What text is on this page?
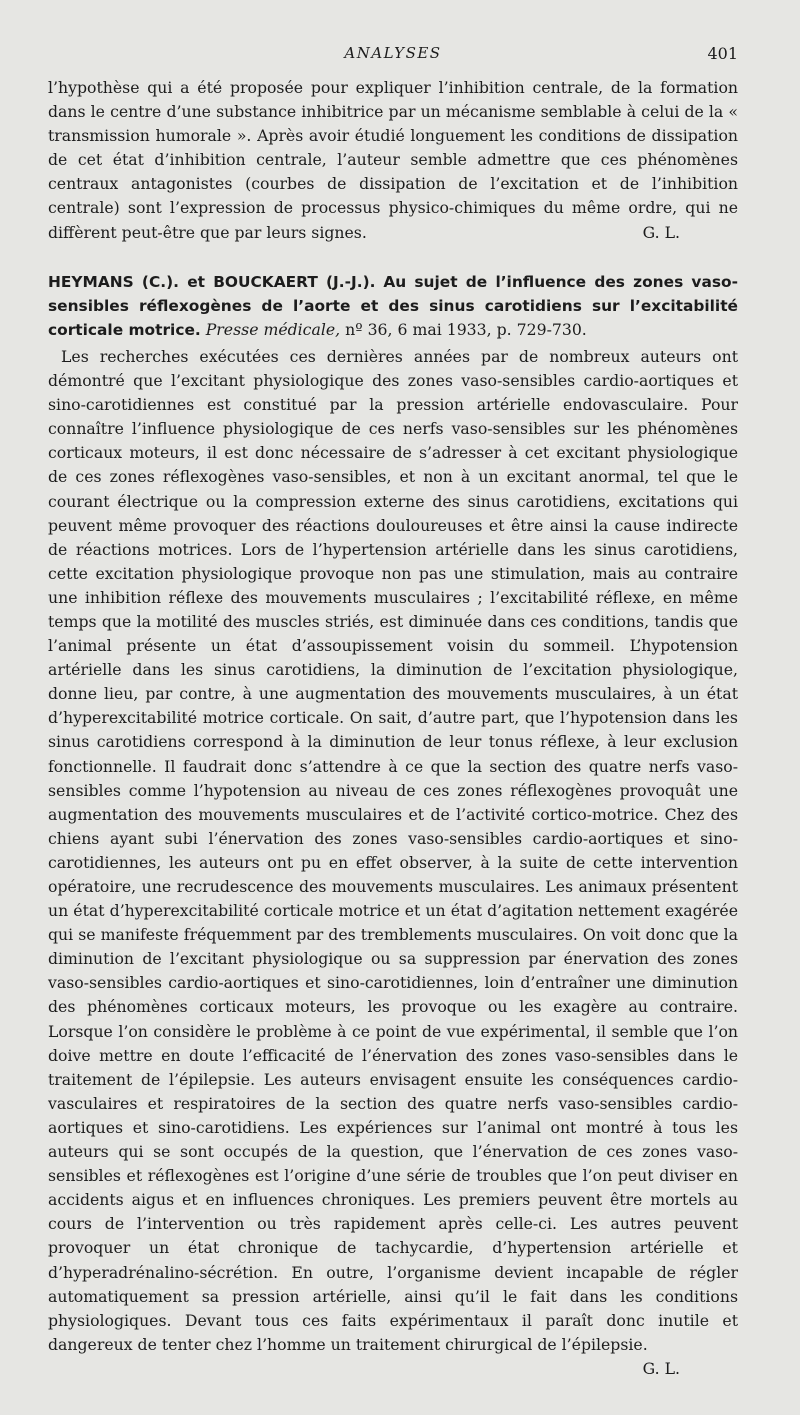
ANALYSES	401

l’hypothèse qui a été proposée pour expliquer l’inhibition centrale, de la formation dans le centre d’une substance inhibitrice par un mécanisme semblable à celui de la « transmission humorale ». Après avoir étudié longuement les conditions de dissipation de cet état d’inhibition centrale, l’auteur semble admettre que ces phénomènes centraux antagonistes (courbes de dissipation de l’excitation et de l’inhibition centrale) sont l’expression de processus physico-chimiques du même ordre, qui ne diffèrent peut-être que par leurs signes.	G. L.

HEYMANS (C.). et BOUCKAERT (J.-J.). Au sujet de l’influence des zones vaso-sensibles réflexogènes de l’aorte et des sinus carotidiens sur l’excitabilité corticale motrice. Presse médicale, nº 36, 6 mai 1933, p. 729-730.

Les recherches exécutées ces dernières années par de nombreux auteurs ont démontré que l’excitant physiologique des zones vaso-sensibles cardio-aortiques et sino-carotidiennes est constitué par la pression artérielle endovasculaire. Pour connaître l’influence physiologique de ces nerfs vaso-sensibles sur les phénomènes corticaux moteurs, il est donc nécessaire de s’adresser à cet excitant physiologique de ces zones réflexogènes vaso-sensibles, et non à un excitant anormal, tel que le courant électrique ou la compression externe des sinus carotidiens, excitations qui peuvent même provoquer des réactions douloureuses et être ainsi la cause indirecte de réactions motrices. Lors de l’hypertension artérielle dans les sinus carotidiens, cette excitation physiologique provoque non pas une stimulation, mais au contraire une inhibition réflexe des mouvements musculaires ; l’excitabilité réflexe, en même temps que la motilité des muscles striés, est diminuée dans ces conditions, tandis que l’animal présente un état d’assoupissement voisin du sommeil. L’hypotension artérielle dans les sinus carotidiens, la diminution de l’excitation physiologique, donne lieu, par contre, à une augmentation des mouvements musculaires, à un état d’hyperexcitabilité motrice corticale. On sait, d’autre part, que l’hypotension dans les sinus carotidiens correspond à la diminution de leur tonus réflexe, à leur exclusion fonctionnelle. Il faudrait donc s’attendre à ce que la section des quatre nerfs vaso-sensibles comme l’hypotension au niveau de ces zones réflexogènes provoquât une augmentation des mouvements musculaires et de l’activité cortico-motrice. Chez des chiens ayant subi l’énervation des zones vaso-sensibles cardio-aortiques et sino-carotidiennes, les auteurs ont pu en effet observer, à la suite de cette intervention opératoire, une recrudescence des mouvements musculaires. Les animaux présentent un état d’hyperexcitabilité corticale motrice et un état d’agitation nettement exagérée qui se manifeste fréquemment par des tremblements musculaires. On voit donc que la diminution de l’excitant physiologique ou sa suppression par énervation des zones vaso-sensibles cardio-aortiques et sino-carotidiennes, loin d’entraîner une diminution des phénomènes corticaux moteurs, les provoque ou les exagère au contraire. Lorsque l’on considère le problème à ce point de vue expérimental, il semble que l’on doive mettre en doute l’efficacité de l’énervation des zones vaso-sensibles dans le traitement de l’épilepsie. Les auteurs envisagent ensuite les conséquences cardio-vasculaires et respiratoires de la section des quatre nerfs vaso-sensibles cardio-aortiques et sino-carotidiens. Les expériences sur l’animal ont montré à tous les auteurs qui se sont occupés de la question, que l’énervation de ces zones vaso-sensibles et réflexogènes est l’origine d’une série de troubles que l’on peut diviser en accidents aigus et en influences chroniques. Les premiers peuvent être mortels au cours de l’intervention ou très rapidement après celle-ci. Les autres peuvent provoquer un état chronique de tachycardie, d’hypertension artérielle et d’hyperadrénalino-sécrétion. En outre, l’organisme devient incapable de régler automatiquement sa pression artérielle, ainsi qu’il le fait dans les conditions physiologiques. Devant tous ces faits expérimentaux il paraît donc inutile et dangereux de tenter chez l’homme un traitement chirurgical de l’épilepsie.
G. L.
